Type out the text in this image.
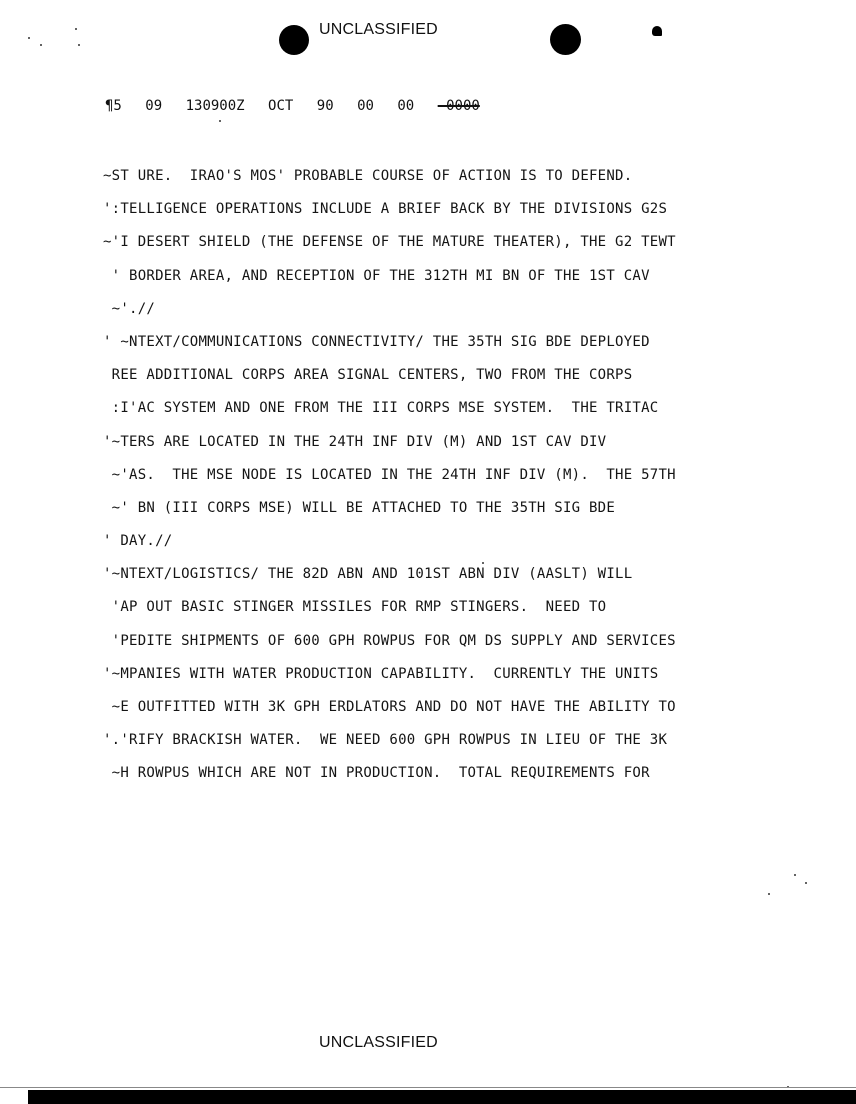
UNCLASSIFIED
¶5 09 130900Z OCT 90 00 00 -0000
~ST URE.  IRAO'S MOS' PROBABLE COURSE OF ACTION IS TO DEFEND.
':TELLIGENCE OPERATIONS INCLUDE A BRIEF BACK BY THE DIVISIONS G2S
~'I DESERT SHIELD (THE DEFENSE OF THE MATURE THEATER), THE G2 TEWT
' BORDER AREA, AND RECEPTION OF THE 312TH MI BN OF THE 1ST CAV
~'.//
' ~NTEXT/COMMUNICATIONS CONNECTIVITY/ THE 35TH SIG BDE DEPLOYED
REE ADDITIONAL CORPS AREA SIGNAL CENTERS, TWO FROM THE CORPS
:I'AC SYSTEM AND ONE FROM THE III CORPS MSE SYSTEM.  THE TRITAC
'~TERS ARE LOCATED IN THE 24TH INF DIV (M) AND 1ST CAV DIV
~'AS.  THE MSE NODE IS LOCATED IN THE 24TH INF DIV (M).  THE 57TH
~' BN (III CORPS MSE) WILL BE ATTACHED TO THE 35TH SIG BDE
' DAY.//
'~NTEXT/LOGISTICS/ THE 82D ABN AND 101ST ABN DIV (AASLT) WILL
'AP OUT BASIC STINGER MISSILES FOR RMP STINGERS.  NEED TO
'PEDITE SHIPMENTS OF 600 GPH ROWPUS FOR QM DS SUPPLY AND SERVICES
'~MPANIES WITH WATER PRODUCTION CAPABILITY.  CURRENTLY THE UNITS
~E OUTFITTED WITH 3K GPH ERDLATORS AND DO NOT HAVE THE ABILITY TO
'.'RIFY BRACKISH WATER.  WE NEED 600 GPH ROWPUS IN LIEU OF THE 3K
~H ROWPUS WHICH ARE NOT IN PRODUCTION.  TOTAL REQUIREMENTS FOR
UNCLASSIFIED
